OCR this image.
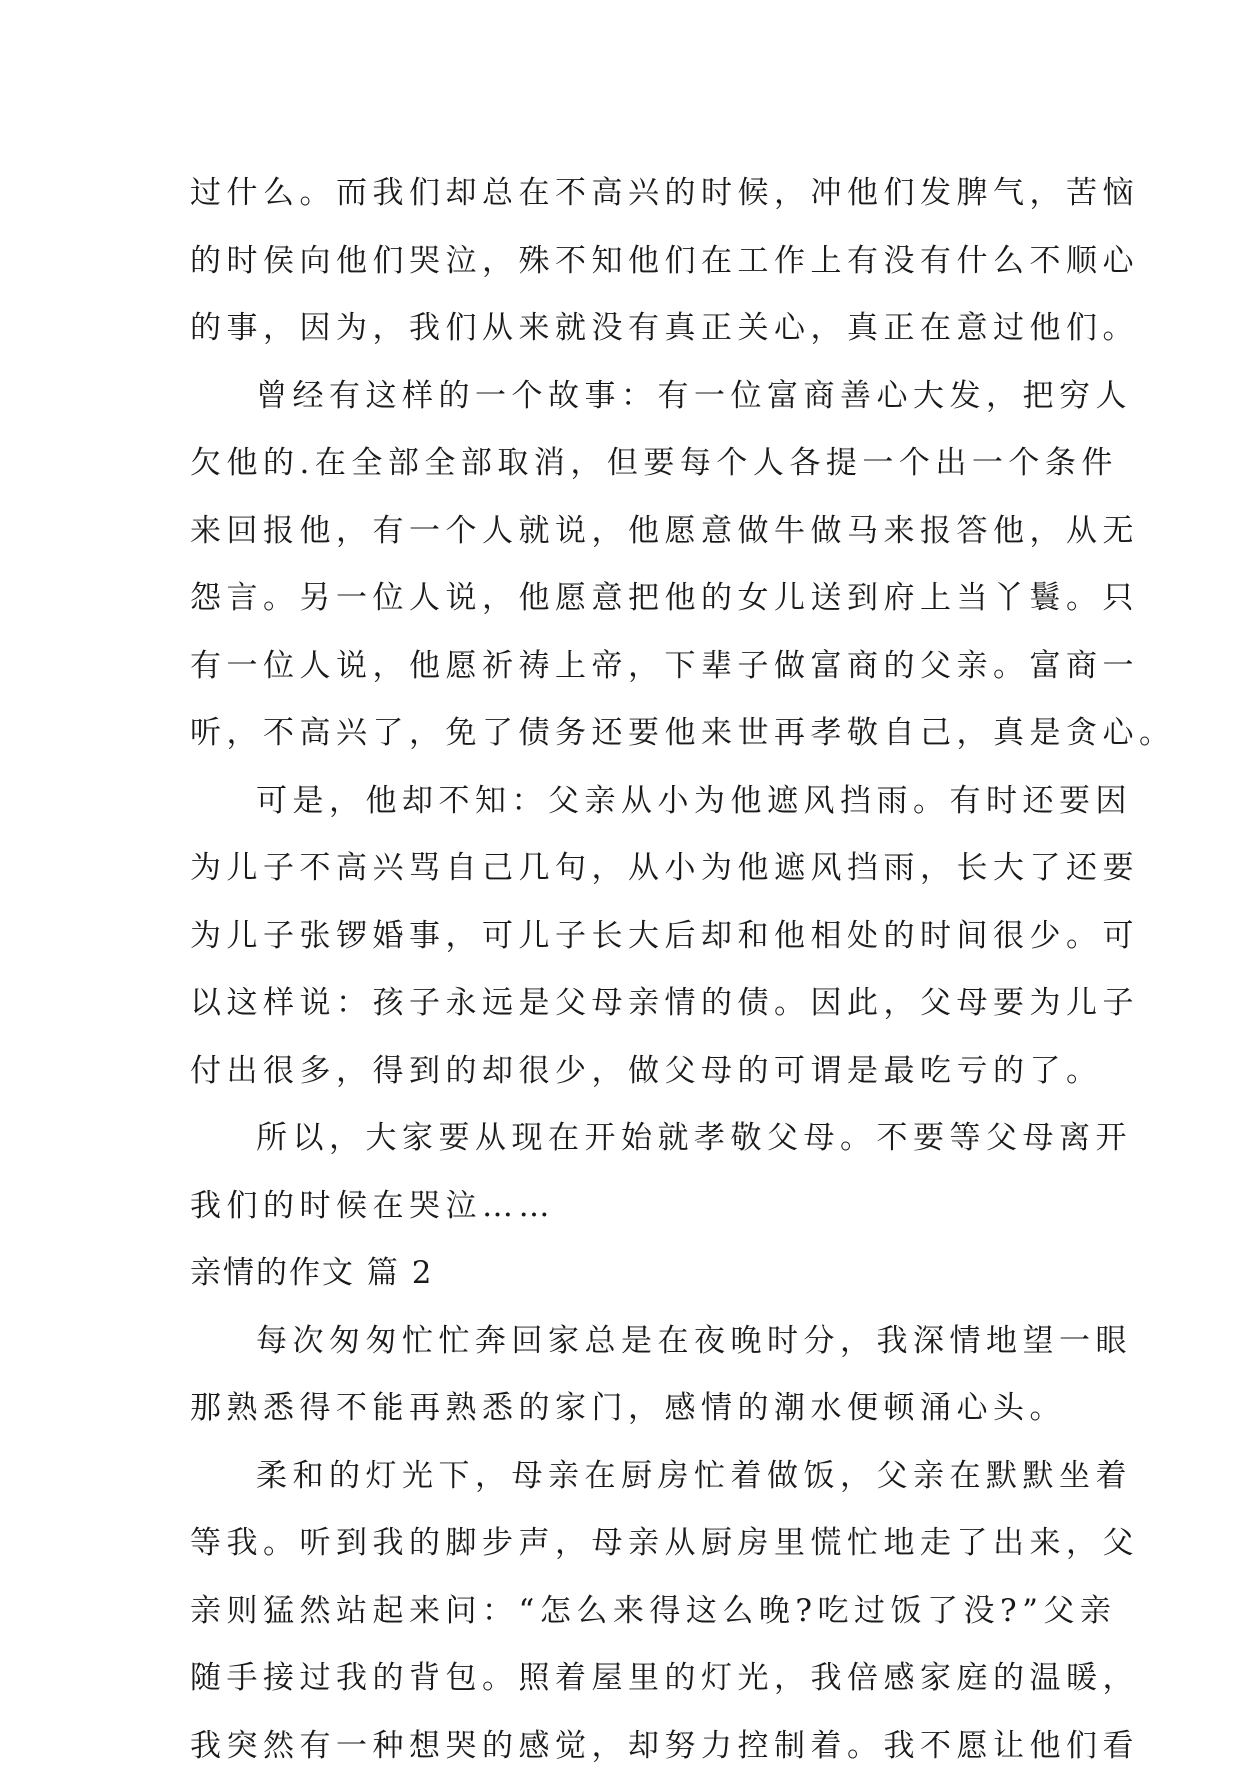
过什么。而我们却总在不高兴的时候，冲他们发脾气，苦恼
的时侯向他们哭泣，殊不知他们在工作上有没有什么不顺心
的事，因为，我们从来就没有真正关心，真正在意过他们。
曾经有这样的一个故事：有一位富商善心大发，把穷人
欠他的.在全部全部取消，但要每个人各提一个出一个条件
来回报他，有一个人就说，他愿意做牛做马来报答他，从无
怨言。另一位人说，他愿意把他的女儿送到府上当丫鬟。只
有一位人说，他愿祈祷上帝，下辈子做富商的父亲。富商一
听，不高兴了，免了债务还要他来世再孝敬自己，真是贪心。
可是，他却不知：父亲从小为他遮风挡雨。有时还要因
为儿子不高兴骂自己几句，从小为他遮风挡雨，长大了还要
为儿子张锣婚事，可儿子长大后却和他相处的时间很少。可
以这样说：孩子永远是父母亲情的债。因此，父母要为儿子
付出很多，得到的却很少，做父母的可谓是最吃亏的了。
所以，大家要从现在开始就孝敬父母。不要等父母离开
我们的时候在哭泣……
亲情的作文 篇 2
每次匆匆忙忙奔回家总是在夜晚时分，我深情地望一眼
那熟悉得不能再熟悉的家门，感情的潮水便顿涌心头。
柔和的灯光下，母亲在厨房忙着做饭，父亲在默默坐着
等我。听到我的脚步声，母亲从厨房里慌忙地走了出来，父
亲则猛然站起来问：“怎么来得这么晚?吃过饭了没?”父亲
随手接过我的背包。照着屋里的灯光，我倍感家庭的温暖，
我突然有一种想哭的感觉，却努力控制着。我不愿让他们看
